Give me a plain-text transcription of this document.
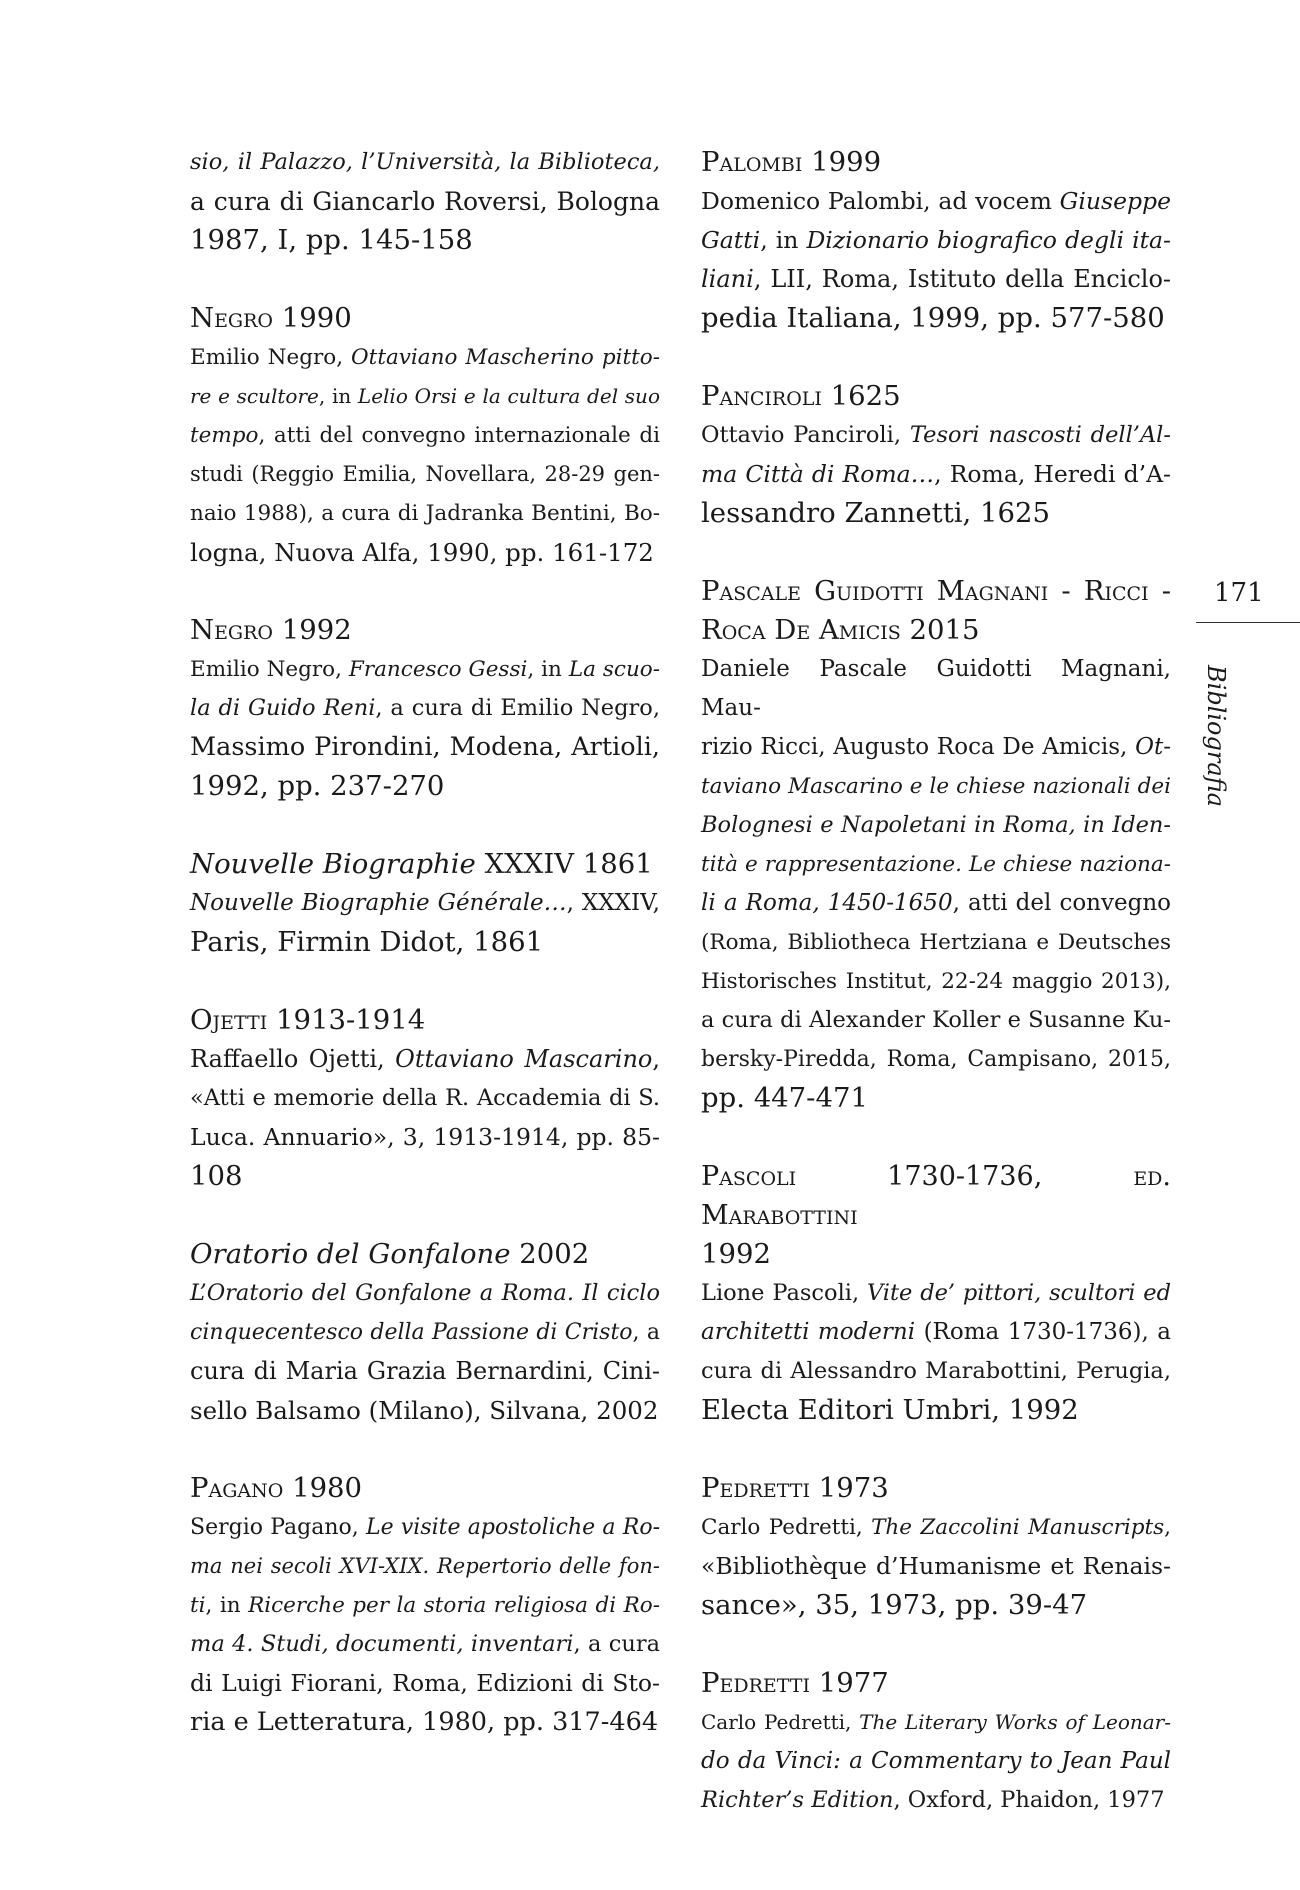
sio, il Palazzo, l’Università, la Biblioteca,
a cura di Giancarlo Roversi, Bologna
1987, I, pp. 145-158
Negro 1990
Emilio Negro, Ottaviano Mascherino pitto-
re e scultore, in Lelio Orsi e la cultura del suo
tempo, atti del convegno internazionale di
studi (Reggio Emilia, Novellara, 28-29 gen-
naio 1988), a cura di Jadranka Bentini, Bo-
logna, Nuova Alfa, 1990, pp. 161-172
Negro 1992
Emilio Negro, Francesco Gessi, in La scuo-
la di Guido Reni, a cura di Emilio Negro,
Massimo Pirondini, Modena, Artioli,
1992, pp. 237-270
Nouvelle Biographie XXXIV 1861
Nouvelle Biographie Générale…, XXXIV,
Paris, Firmin Didot, 1861
Ojetti 1913-1914
Raffaello Ojetti, Ottaviano Mascarino,
«Atti e memorie della R. Accademia di S.
Luca. Annuario», 3, 1913-1914, pp. 85-
108
Oratorio del Gonfalone 2002
L’Oratorio del Gonfalone a Roma. Il ciclo
cinquecentesco della Passione di Cristo, a
cura di Maria Grazia Bernardini, Cini-
sello Balsamo (Milano), Silvana, 2002
Pagano 1980
Sergio Pagano, Le visite apostoliche a Ro-
ma nei secoli XVI-XIX. Repertorio delle fon-
ti, in Ricerche per la storia religiosa di Ro-
ma 4. Studi, documenti, inventari, a cura
di Luigi Fiorani, Roma, Edizioni di Sto-
ria e Letteratura, 1980, pp. 317-464
Palombi 1999
Domenico Palombi, ad vocem Giuseppe
Gatti, in Dizionario biografico degli ita-
liani, LII, Roma, Istituto della Enciclo-
pedia Italiana, 1999, pp. 577-580
Panciroli 1625
Ottavio Panciroli, Tesori nascosti dell’Al-
ma Città di Roma…, Roma, Heredi d’A-
lessandro Zannetti, 1625
Pascale Guidotti Magnani - Ricci -
Roca De Amicis 2015
Daniele Pascale Guidotti Magnani, Mau-
rizio Ricci, Augusto Roca De Amicis, Ot-
taviano Mascarino e le chiese nazionali dei
Bolognesi e Napoletani in Roma, in Iden-
tità e rappresentazione. Le chiese naziona-
li a Roma, 1450-1650, atti del convegno
(Roma, Bibliotheca Hertziana e Deutsches
Historisches Institut, 22-24 maggio 2013),
a cura di Alexander Koller e Susanne Ku-
bersky-Piredda, Roma, Campisano, 2015,
pp. 447-471
Pascoli 1730-1736, ed. Marabottini
1992
Lione Pascoli, Vite de’ pittori, scultori ed
architetti moderni (Roma 1730-1736), a
cura di Alessandro Marabottini, Perugia,
Electa Editori Umbri, 1992
Pedretti 1973
Carlo Pedretti, The Zaccolini Manuscripts,
«Bibliothèque d’Humanisme et Renais-
sance», 35, 1973, pp. 39-47
Pedretti 1977
Carlo Pedretti, The Literary Works of Leonar-
do da Vinci: a Commentary to Jean Paul
Richter’s Edition, Oxford, Phaidon, 1977
171
Bibliografia
